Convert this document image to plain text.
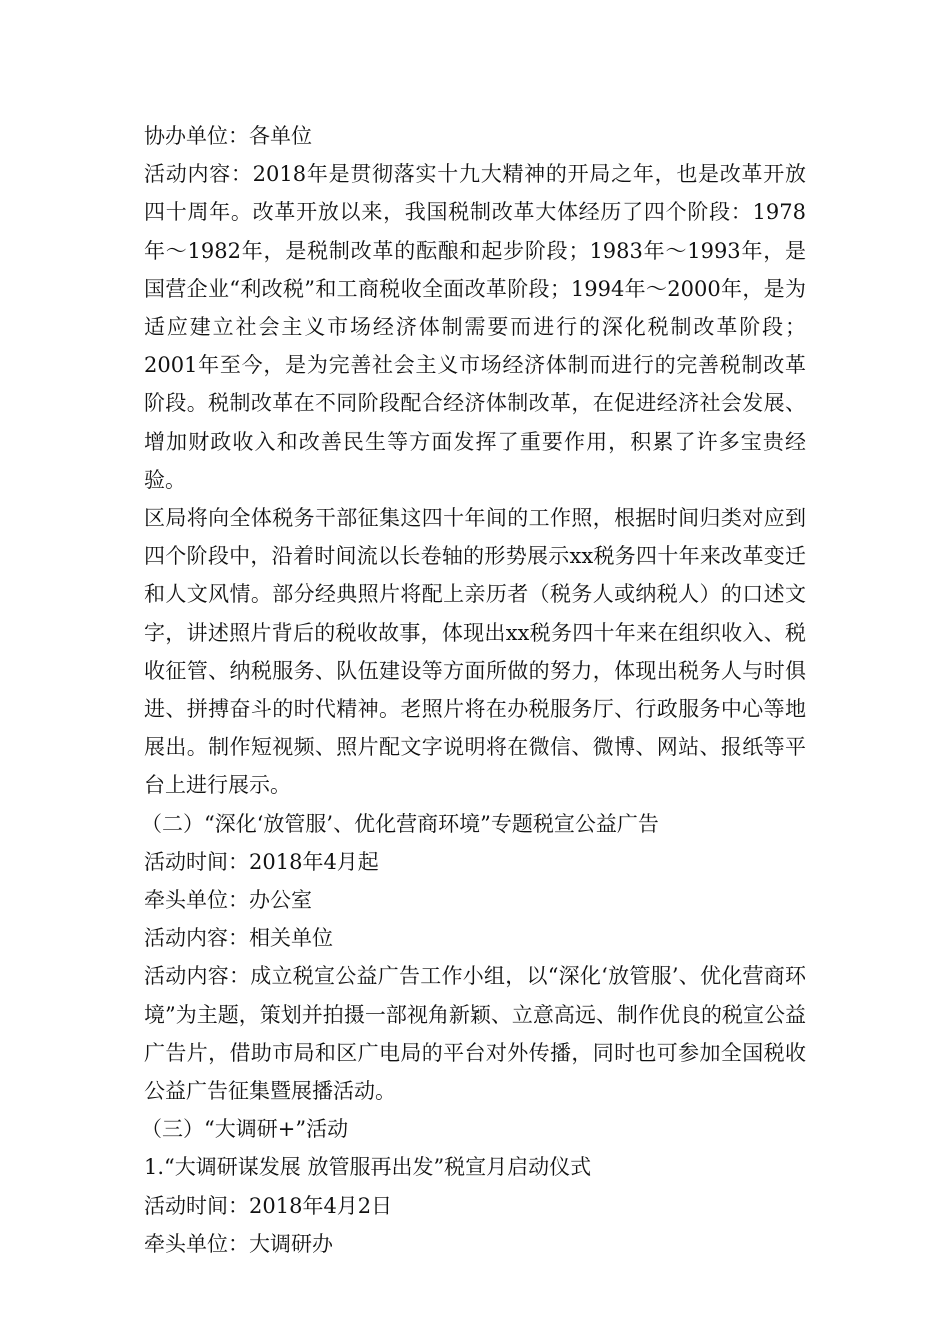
协办单位：各单位

活动内容：2018年是贯彻落实十九大精神的开局之年，也是改革开放四十周年。改革开放以来，我国税制改革大体经历了四个阶段：1978年～1982年，是税制改革的酝酿和起步阶段；1983年～1993年，是国营企业“利改税”和工商税收全面改革阶段；1994年～2000年，是为适应建立社会主义市场经济体制需要而进行的深化税制改革阶段；2001年至今，是为完善社会主义市场经济体制而进行的完善税制改革阶段。税制改革在不同阶段配合经济体制改革，在促进经济社会发展、增加财政收入和改善民生等方面发挥了重要作用，积累了许多宝贵经验。

区局将向全体税务干部征集这四十年间的工作照，根据时间归类对应到四个阶段中，沿着时间流以长卷轴的形势展示xx税务四十年来改革变迁和人文风情。部分经典照片将配上亲历者（税务人或纳税人）的口述文字，讲述照片背后的税收故事，体现出xx税务四十年来在组织收入、税收征管、纳税服务、队伍建设等方面所做的努力，体现出税务人与时俱进、拼搏奋斗的时代精神。老照片将在办税服务厅、行政服务中心等地展出。制作短视频、照片配文字说明将在微信、微博、网站、报纸等平台上进行展示。

（二）“深化‘放管服’、优化营商环境”专题税宣公益广告

活动时间：2018年4月起

牵头单位：办公室

活动内容：相关单位

活动内容：成立税宣公益广告工作小组，以“深化‘放管服’、优化营商环境”为主题，策划并拍摄一部视角新颖、立意高远、制作优良的税宣公益广告片，借助市局和区广电局的平台对外传播，同时也可参加全国税收公益广告征集暨展播活动。

（三）“大调研+”活动

1.“大调研谋发展 放管服再出发”税宣月启动仪式

活动时间：2018年4月2日

牵头单位：大调研办
